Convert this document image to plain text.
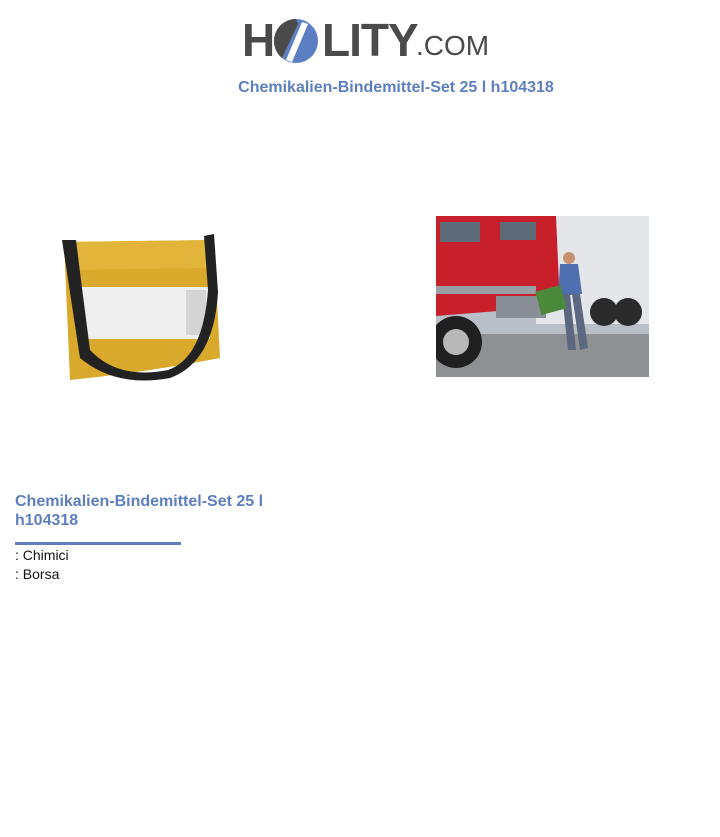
H LITY
.COM
Chemikalien-Bindemittel-Set 25 l h104318
Chemikalien-Bindemittel-Set 25 l h104318
: Chimici
: Borsa
